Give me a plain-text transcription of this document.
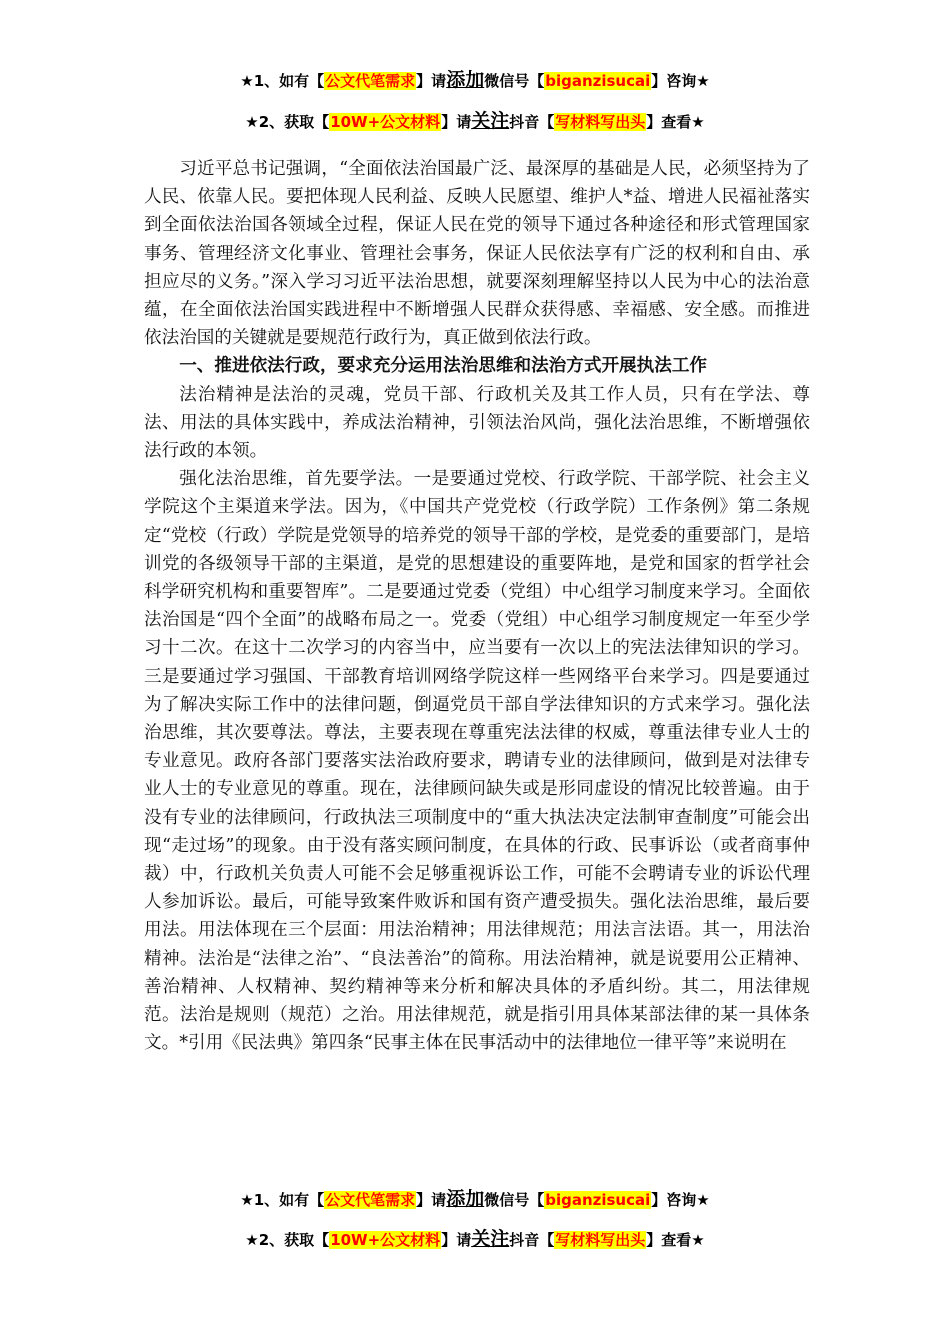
★1、如有【公文代笔需求】请添加微信号【biganzisucai】咨询★
★2、获取【10W+公文材料】请关注抖音【写材料写出头】查看★

习近平总书记强调，“全面依法治国最广泛、最深厚的基础是人民，必须坚持为了人民、依靠人民。要把体现人民利益、反映人民愿望、维护人*益、增进人民福祉落实到全面依法治国各领域全过程，保证人民在党的领导下通过各种途径和形式管理国家事务、管理经济文化事业、管理社会事务，保证人民依法享有广泛的权利和自由、承担应尽的义务。”深入学习习近平法治思想，就要深刻理解坚持以人民为中心的法治意蕴，在全面依法治国实践进程中不断增强人民群众获得感、幸福感、安全感。而推进依法治国的关键就是要规范行政行为，真正做到依法行政。

一、推进依法行政，要求充分运用法治思维和法治方式开展执法工作

法治精神是法治的灵魂，党员干部、行政机关及其工作人员，只有在学法、尊法、用法的具体实践中，养成法治精神，引领法治风尚，强化法治思维，不断增强依法行政的本领。

强化法治思维，首先要学法。一是要通过党校、行政学院、干部学院、社会主义学院这个主渠道来学法。因为，《中国共产党党校（行政学院）工作条例》第二条规定“党校（行政）学院是党领导的培养党的领导干部的学校，是党委的重要部门，是培训党的各级领导干部的主渠道，是党的思想建设的重要阵地，是党和国家的哲学社会科学研究机构和重要智库”。二是要通过党委（党组）中心组学习制度来学习。全面依法治国是“四个全面”的战略布局之一。党委（党组）中心组学习制度规定一年至少学习十二次。在这十二次学习的内容当中，应当要有一次以上的宪法法律知识的学习。三是要通过学习强国、干部教育培训网络学院这样一些网络平台来学习。四是要通过为了解决实际工作中的法律问题，倒逼党员干部自学法律知识的方式来学习。强化法治思维，其次要尊法。尊法，主要表现在尊重宪法法律的权威，尊重法律专业人士的专业意见。政府各部门要落实法治政府要求，聘请专业的法律顾问，做到是对法律专业人士的专业意见的尊重。现在，法律顾问缺失或是形同虚设的情况比较普遍。由于没有专业的法律顾问，行政执法三项制度中的“重大执法决定法制审查制度”可能会出现“走过场”的现象。由于没有落实顾问制度，在具体的行政、民事诉讼（或者商事仲裁）中，行政机关负责人可能不会足够重视诉讼工作，可能不会聘请专业的诉讼代理人参加诉讼。最后，可能导致案件败诉和国有资产遭受损失。强化法治思维，最后要用法。用法体现在三个层面：用法治精神；用法律规范；用法言法语。其一，用法治精神。法治是“法律之治”、“良法善治”的简称。用法治精神，就是说要用公正精神、善治精神、人权精神、契约精神等来分析和解决具体的矛盾纠纷。其二，用法律规范。法治是规则（规范）之治。用法律规范，就是指引用具体某部法律的某一具体条文。*引用《民法典》第四条“民事主体在民事活动中的法律地位一律平等”来说明在

★1、如有【公文代笔需求】请添加微信号【biganzisucai】咨询★
★2、获取【10W+公文材料】请关注抖音【写材料写出头】查看★
